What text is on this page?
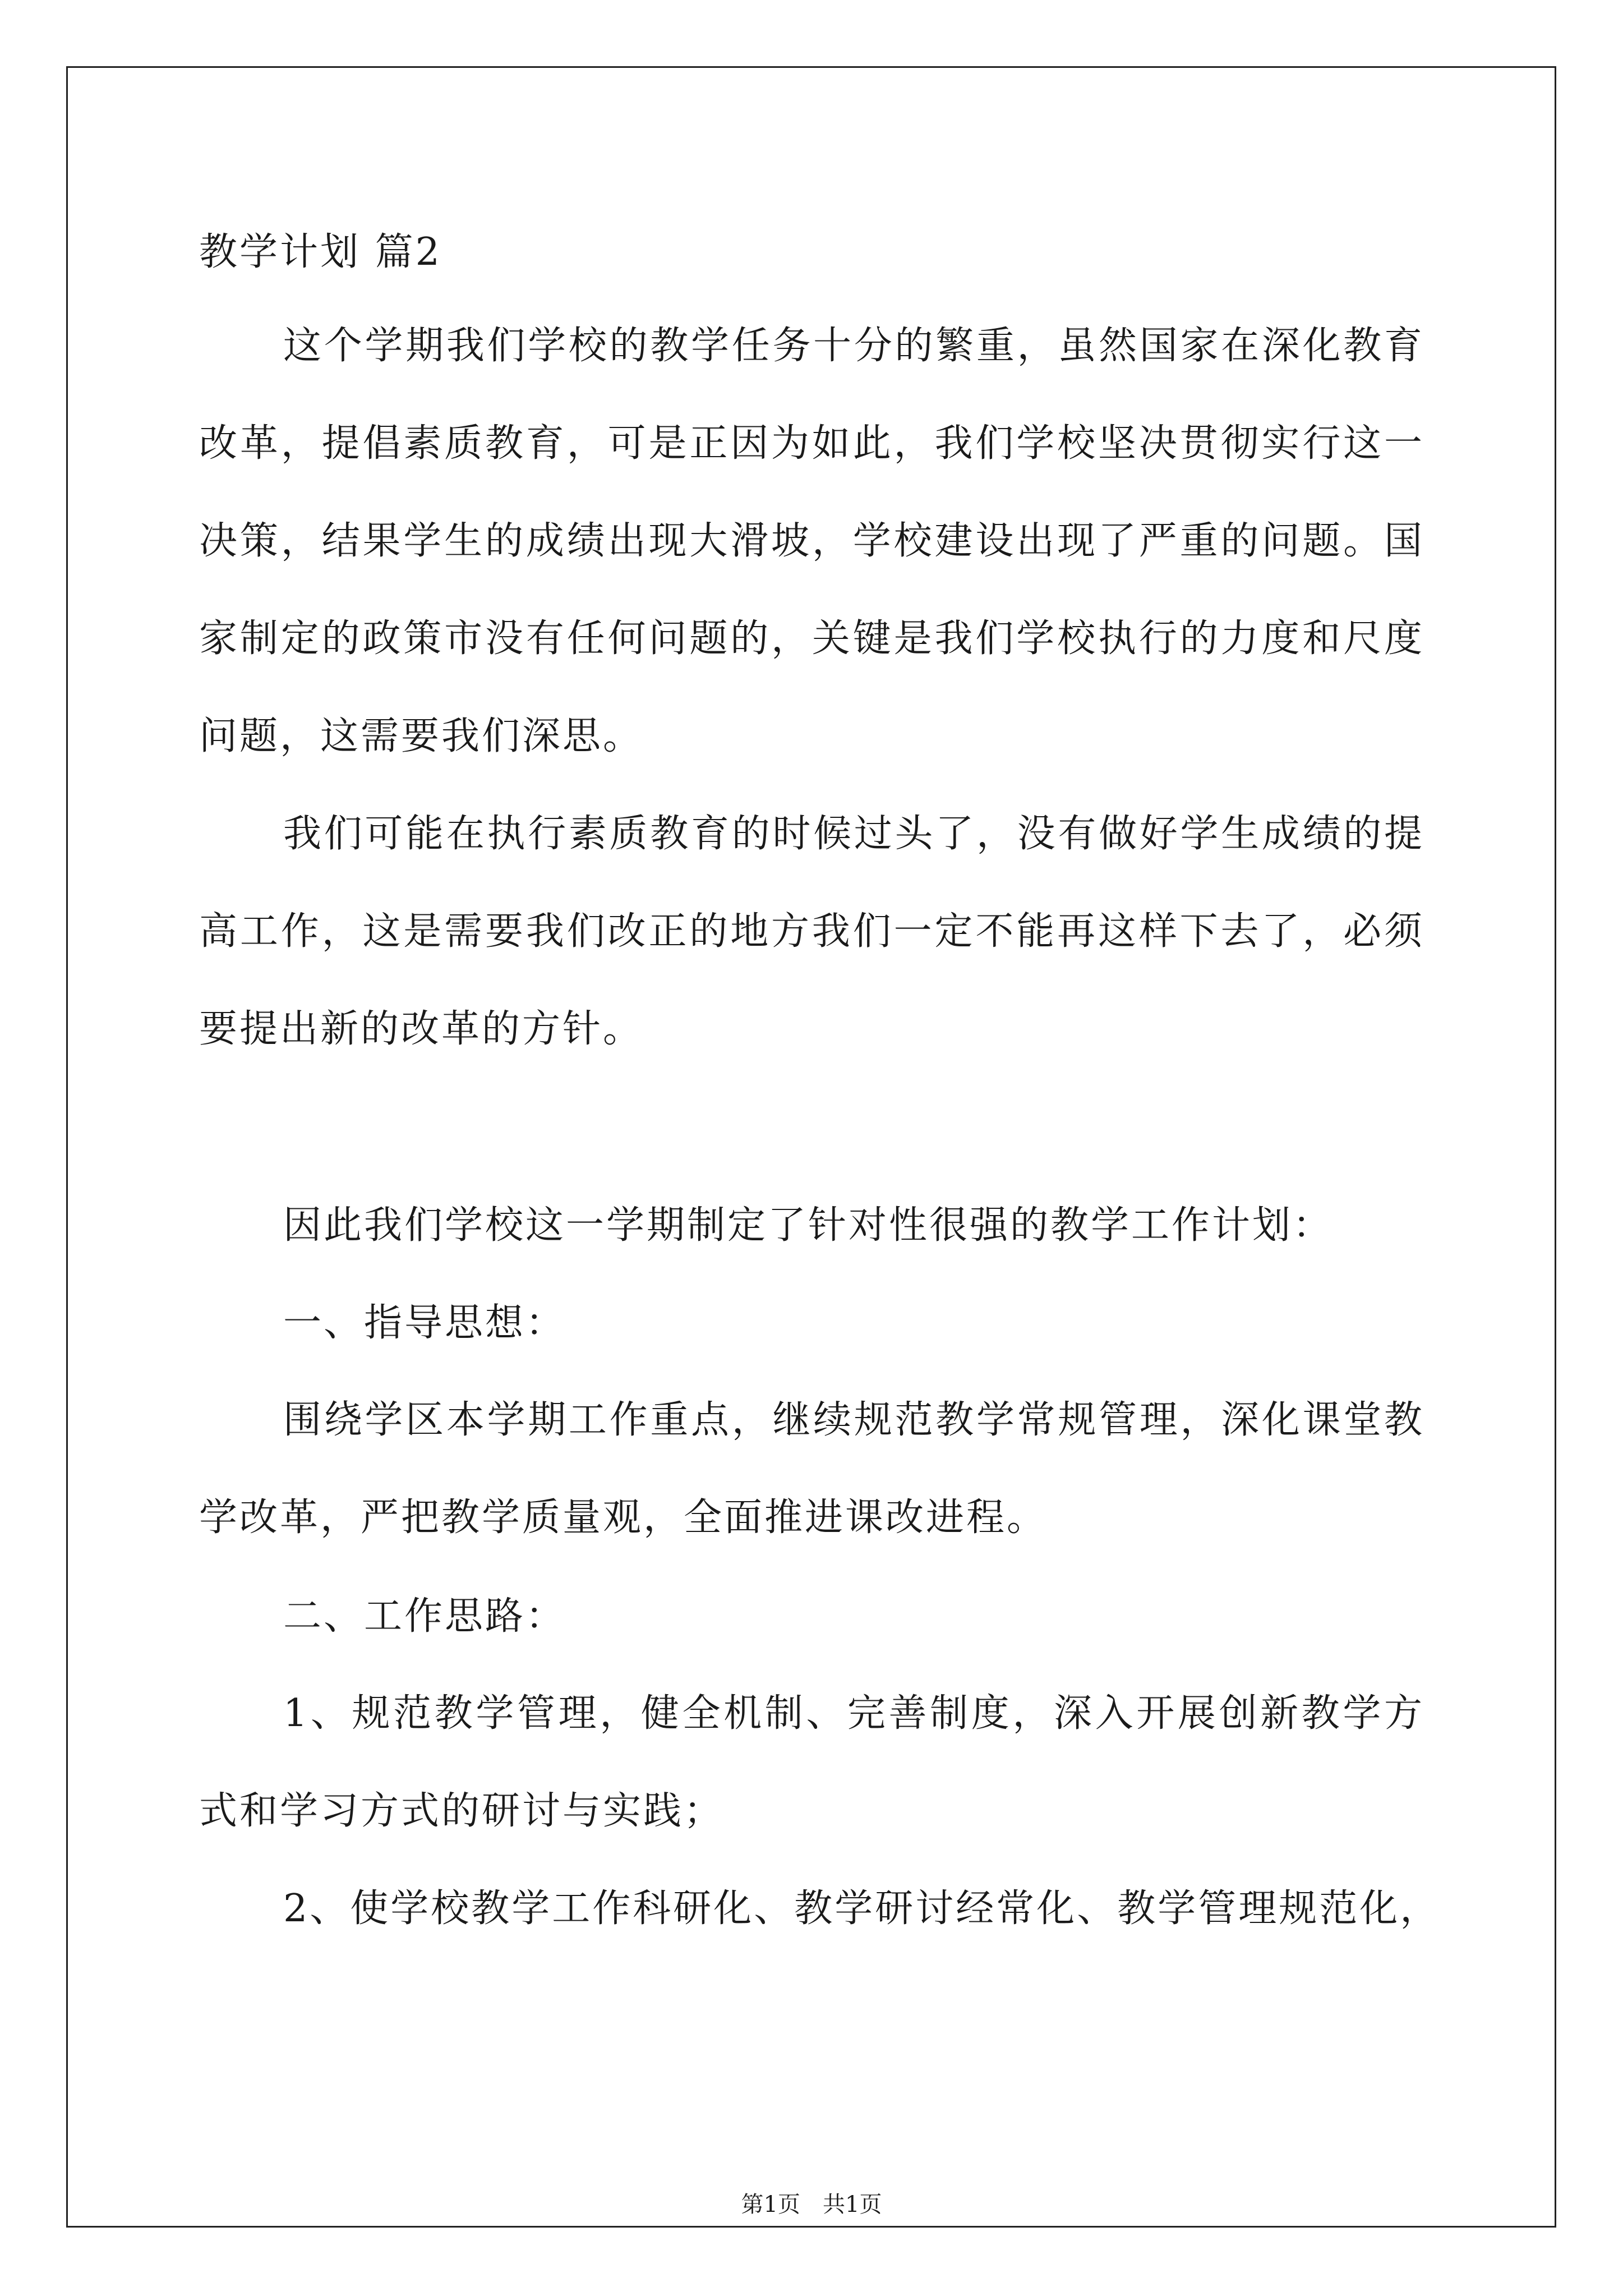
教学计划 篇2

这个学期我们学校的教学任务十分的繁重，虽然国家在深化教育改革，提倡素质教育，可是正因为如此，我们学校坚决贯彻实行这一决策，结果学生的成绩出现大滑坡，学校建设出现了严重的问题。国家制定的政策市没有任何问题的，关键是我们学校执行的力度和尺度问题，这需要我们深思。

我们可能在执行素质教育的时候过头了，没有做好学生成绩的提高工作，这是需要我们改正的地方我们一定不能再这样下去了，必须要提出新的改革的方针。

因此我们学校这一学期制定了针对性很强的教学工作计划：

一、指导思想：

围绕学区本学期工作重点，继续规范教学常规管理，深化课堂教学改革，严把教学质量观，全面推进课改进程。

二、工作思路：

1、规范教学管理，健全机制、完善制度，深入开展创新教学方式和学习方式的研讨与实践；

2、使学校教学工作科研化、教学研讨经常化、教学管理规范化，

第1页　共1页
